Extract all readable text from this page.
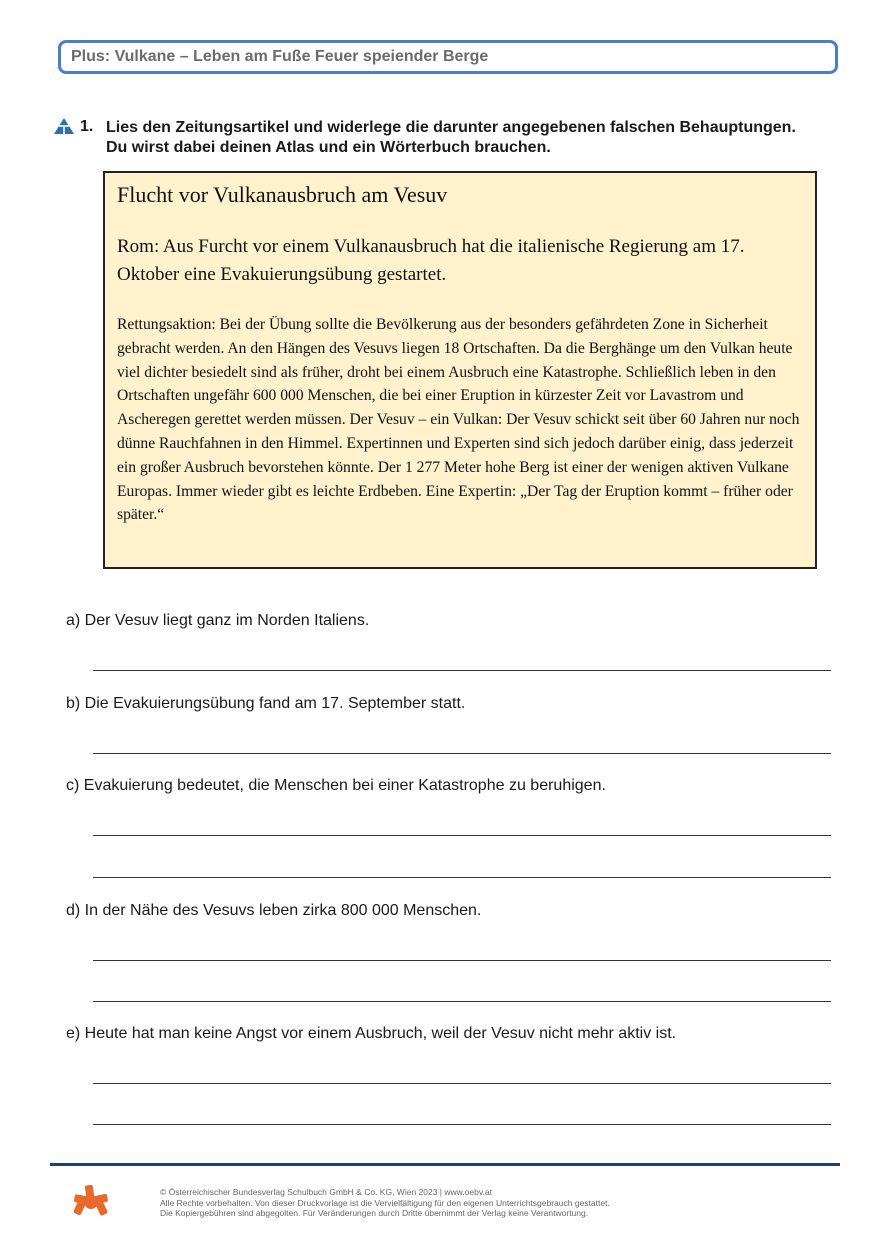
Plus: Vulkane – Leben am Fuße Feuer speiender Berge
1. Lies den Zeitungsartikel und widerlege die darunter angegebenen falschen Behauptungen. Du wirst dabei deinen Atlas und ein Wörterbuch brauchen.

Flucht vor Vulkanausbruch am Vesuv

Rom: Aus Furcht vor einem Vulkanausbruch hat die italienische Regierung am 17. Oktober eine Evakuierungsübung gestartet.

Rettungsaktion: Bei der Übung sollte die Bevölkerung aus der besonders gefährdeten Zone in Sicherheit gebracht werden. An den Hängen des Vesuvs liegen 18 Ortschaften. Da die Berghänge um den Vulkan heute viel dichter besiedelt sind als früher, droht bei einem Ausbruch eine Katastrophe. Schließlich leben in den Ortschaften ungefähr 600 000 Menschen, die bei einer Eruption in kürzester Zeit vor Lavastrom und Ascheregen gerettet werden müssen. Der Vesuv – ein Vulkan: Der Vesuv schickt seit über 60 Jahren nur noch dünne Rauchfahnen in den Himmel. Expertinnen und Experten sind sich jedoch darüber einig, dass jederzeit ein großer Ausbruch bevorstehen könnte. Der 1 277 Meter hohe Berg ist einer der wenigen aktiven Vulkane Europas. Immer wieder gibt es leichte Erdbeben. Eine Expertin: „Der Tag der Eruption kommt – früher oder später.“

a) Der Vesuv liegt ganz im Norden Italiens.
b) Die Evakuierungsübung fand am 17. September statt.
c) Evakuierung bedeutet, die Menschen bei einer Katastrophe zu beruhigen.
d) In der Nähe des Vesuvs leben zirka 800 000 Menschen.
e) Heute hat man keine Angst vor einem Ausbruch, weil der Vesuv nicht mehr aktiv ist.
© Österreichischer Bundesverlag Schulbuch GmbH & Co. KG, Wien 2023 | www.oebv.at
Alle Rechte vorbehalten. Von dieser Druckvorlage ist die Vervielfältigung für den eigenen Unterrichtsgebrauch gestattet.
Die Kopiergebühren sind abgegolten. Für Veränderungen durch Dritte übernimmt der Verlag keine Verantwortung.
